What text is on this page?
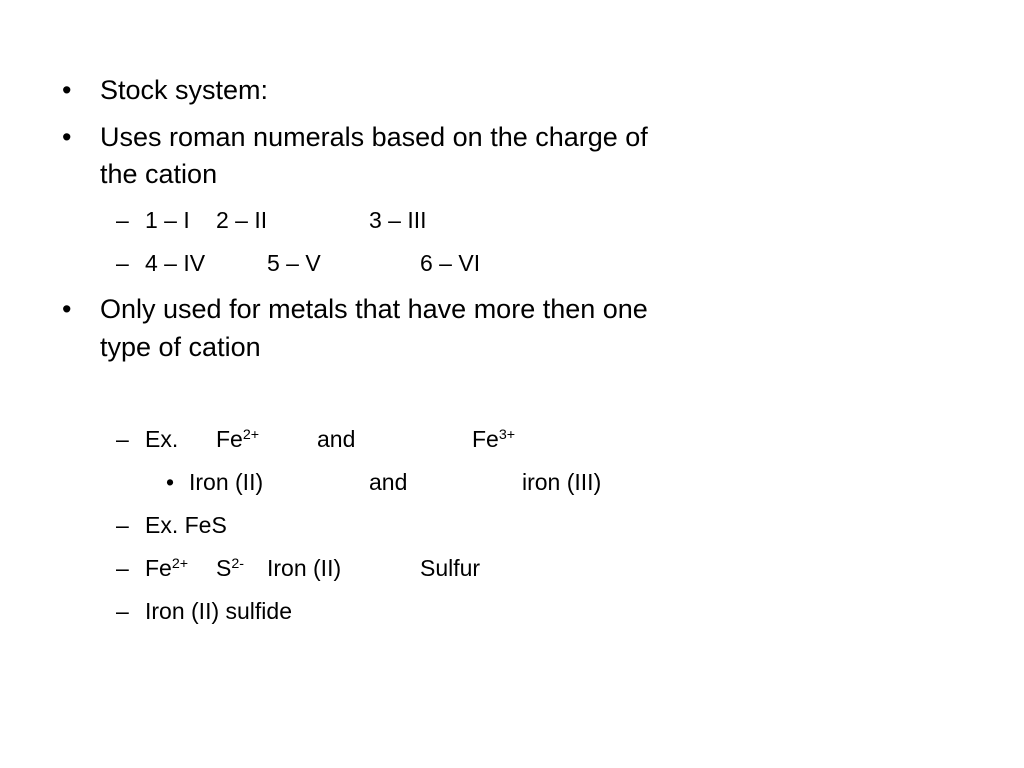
• Stock system:
• Uses roman numerals based on the charge of
the cation
– 1 – I 2 – II	3 – III
– 4 – IV	5 – V	6 – VI
• Only used for metals that have more then one
type of cation
– Ex. $Fe^{2+}$	and	$Fe^{3+}$
• Iron (II)	and	iron (III)
– Ex. FeS
– $Fe^{2+}$ $S^{2-}$ Iron (II)	Sulfur
– Iron (II) sulfide
